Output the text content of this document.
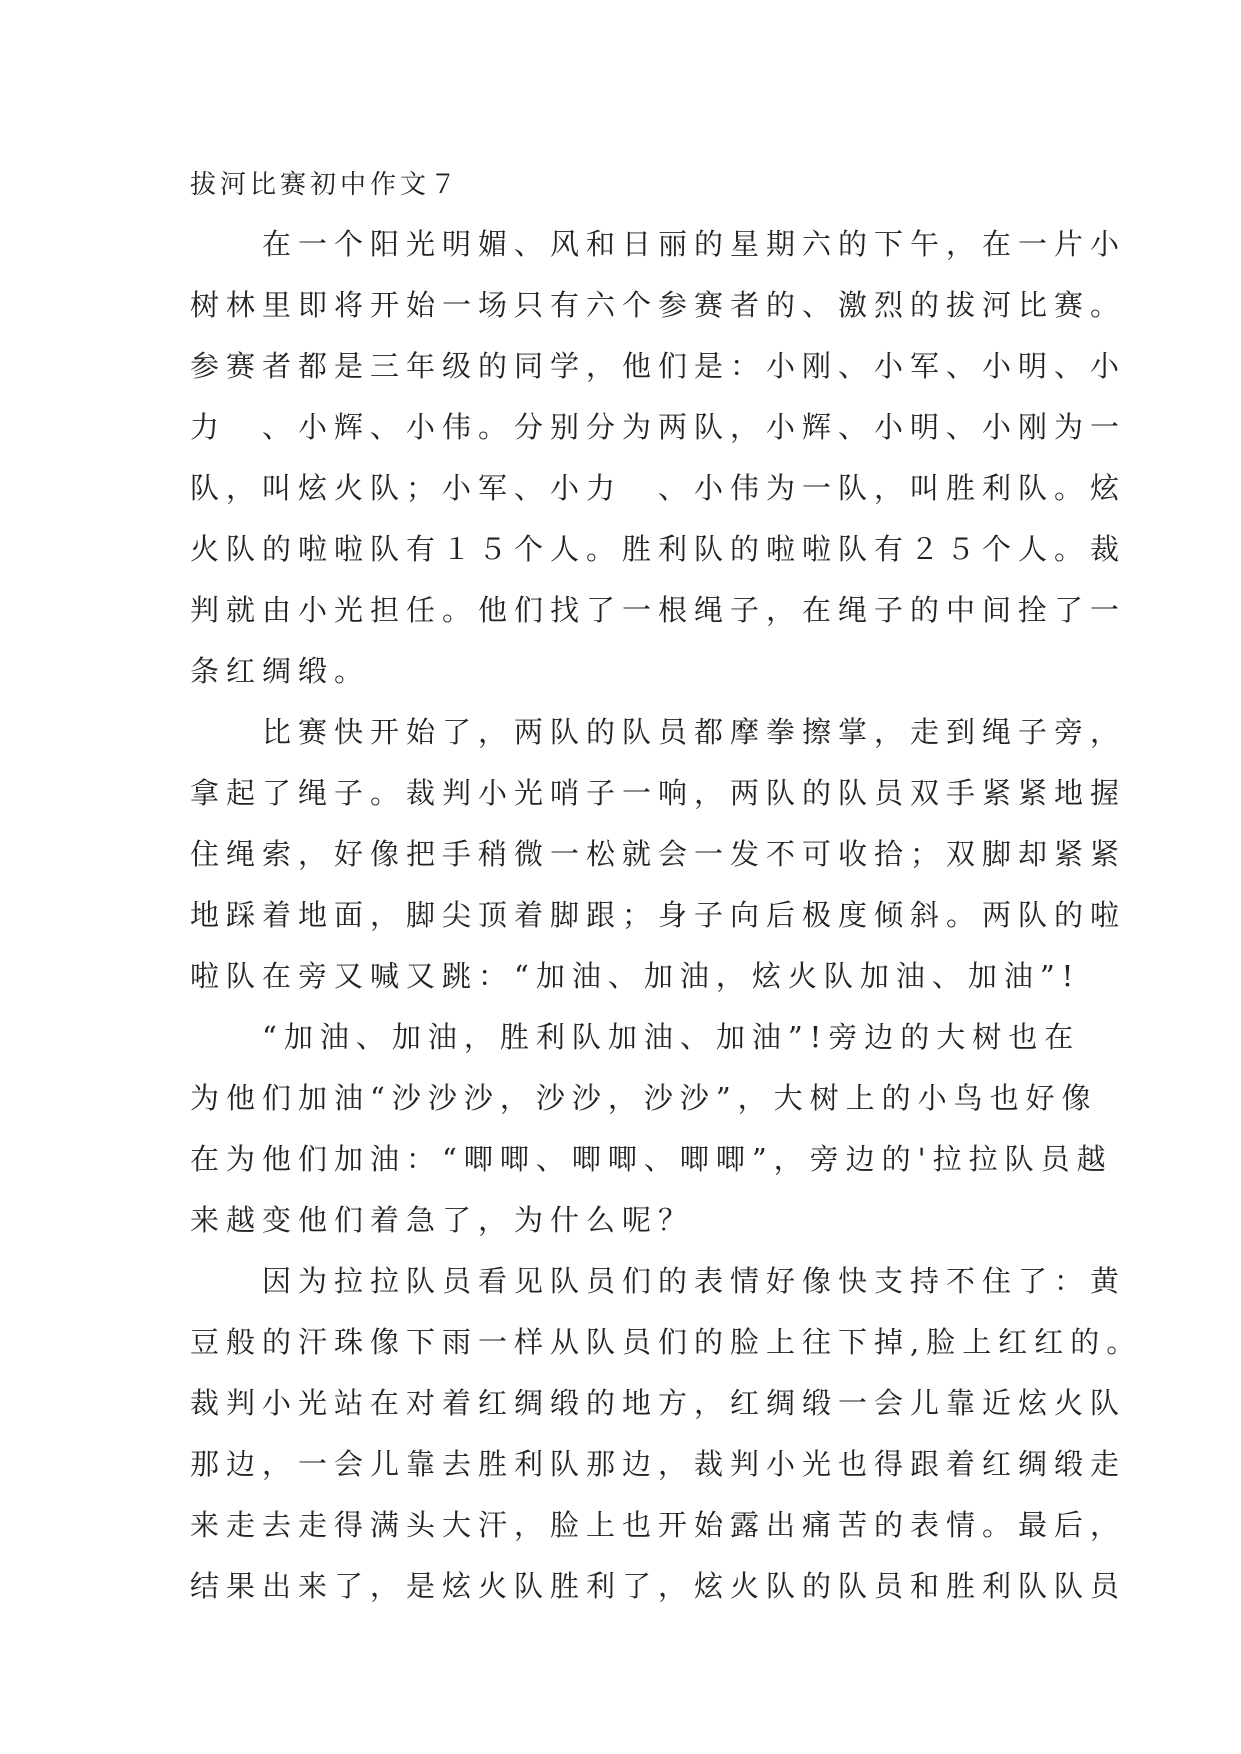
拔河比赛初中作文７
　　在一个阳光明媚、风和日丽的星期六的下午，在一片小
树林里即将开始一场只有六个参赛者的、激烈的拔河比赛。
参赛者都是三年级的同学，他们是：小刚、小军、小明、小
力　、小辉、小伟。分别分为两队，小辉、小明、小刚为一
队，叫炫火队；小军、小力　、小伟为一队，叫胜利队。炫
火队的啦啦队有１５个人。胜利队的啦啦队有２５个人。裁
判就由小光担任。他们找了一根绳子，在绳子的中间拴了一
条红绸缎。
　　比赛快开始了，两队的队员都摩拳擦掌，走到绳子旁，
拿起了绳子。裁判小光哨子一响，两队的队员双手紧紧地握
住绳索，好像把手稍微一松就会一发不可收拾；双脚却紧紧
地踩着地面，脚尖顶着脚跟；身子向后极度倾斜。两队的啦
啦队在旁又喊又跳：“加油、加油，炫火队加油、加油”!
　　“加油、加油，胜利队加油、加油”!旁边的大树也在
为他们加油“沙沙沙，沙沙，沙沙”，大树上的小鸟也好像
在为他们加油：“唧唧、唧唧、唧唧”，旁边的'拉拉队员越
来越变他们着急了，为什么呢？
　　因为拉拉队员看见队员们的表情好像快支持不住了：黄
豆般的汗珠像下雨一样从队员们的脸上往下掉,脸上红红的。
裁判小光站在对着红绸缎的地方，红绸缎一会儿靠近炫火队
那边，一会儿靠去胜利队那边，裁判小光也得跟着红绸缎走
来走去走得满头大汗，脸上也开始露出痛苦的表情。最后，
结果出来了，是炫火队胜利了，炫火队的队员和胜利队队员
